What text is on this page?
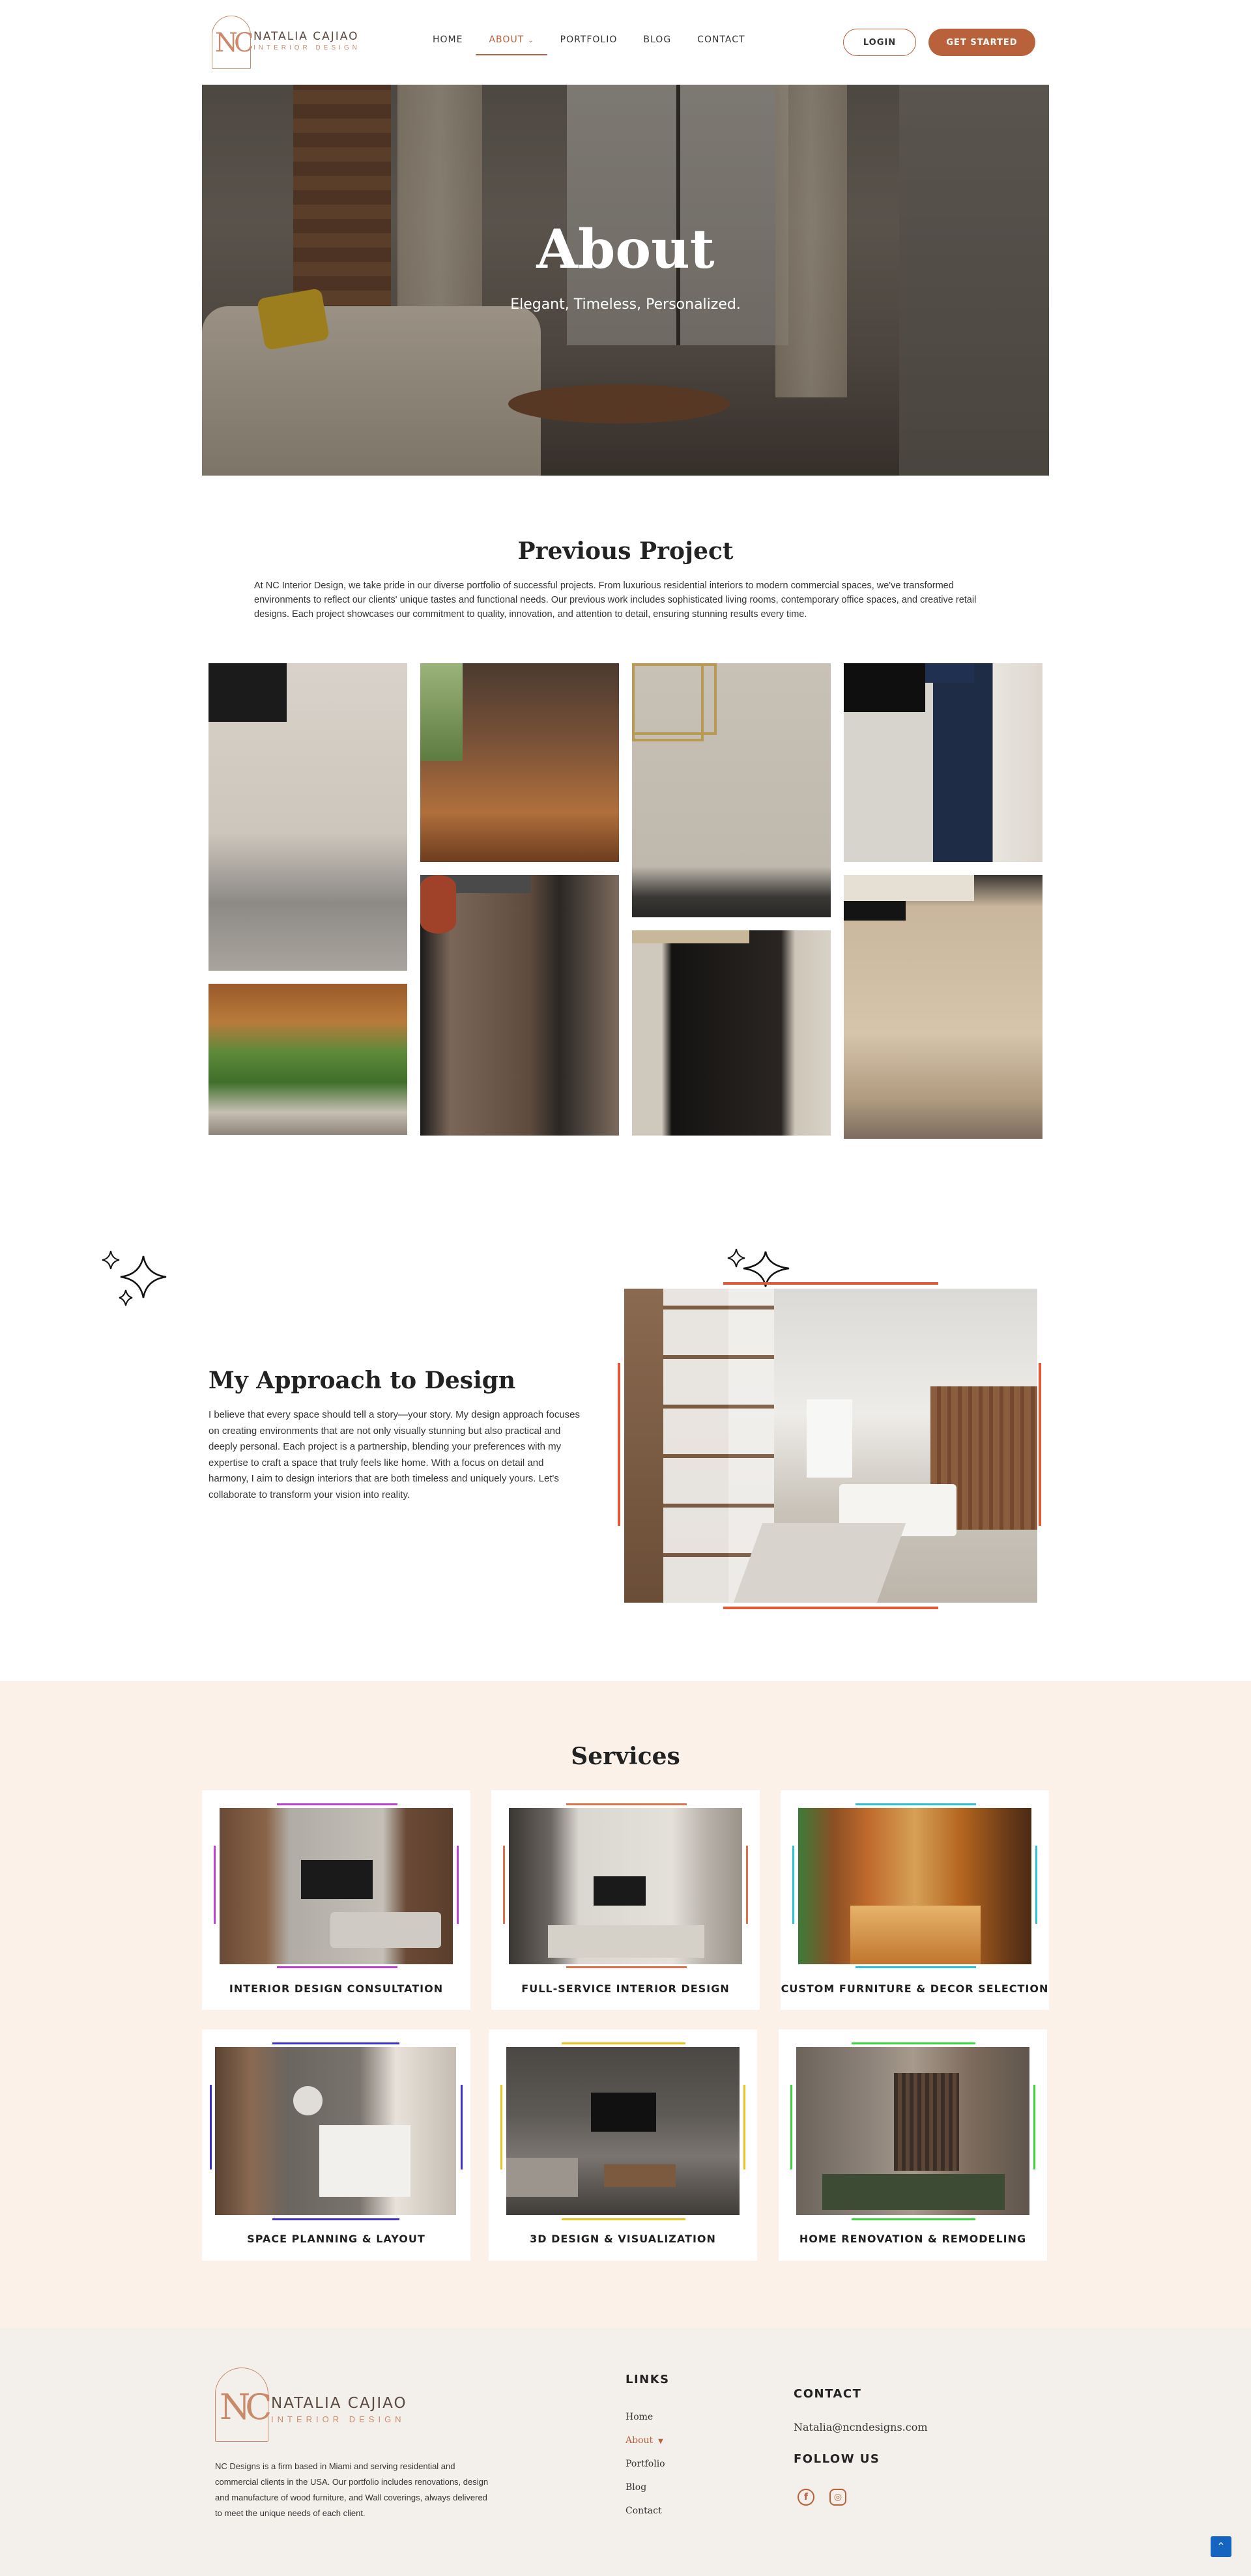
NC NATALIA CAJIAO
INTERIOR DESIGN
HOME	ABOUT ⌄	PORTFOLIO	BLOG	CONTACT	LOGIN	GET STARTED
About
Elegant, Timeless, Personalized.
Previous Project

At NC Interior Design, we take pride in our diverse portfolio of successful projects. From luxurious residential interiors to modern commercial spaces, we've transformed environments to reflect our clients' unique tastes and functional needs. Our previous work includes sophisticated living rooms, contemporary office spaces, and creative retail designs. Each project showcases our commitment to quality, innovation, and attention to detail, ensuring stunning results every time.

My Approach to Design

I believe that every space should tell a story—your story. My design approach focuses on creating environments that are not only visually stunning but also practical and deeply personal. Each project is a partnership, blending your preferences with my expertise to craft a space that truly feels like home. With a focus on detail and harmony, I aim to design interiors that are both timeless and uniquely yours. Let's collaborate to transform your vision into reality.

Services
INTERIOR DESIGN CONSULTATION	FULL-SERVICE INTERIOR DESIGN	CUSTOM FURNITURE & DECOR SELECTION
SPACE PLANNING & LAYOUT	3D DESIGN & VISUALIZATION	HOME RENOVATION & REMODELING
NC NATALIA CAJIAO
INTERIOR DESIGN

NC Designs is a firm based in Miami and serving residential and commercial clients in the USA. Our portfolio includes renovations, design and manufacture of wood furniture, and Wall coverings, always delivered to meet the unique needs of each client.

LINKS
Home
About ▼
Portfolio
Blog
Contact
CONTACT
Natalia@ncndesigns.com
FOLLOW US
f	◎
⌃
